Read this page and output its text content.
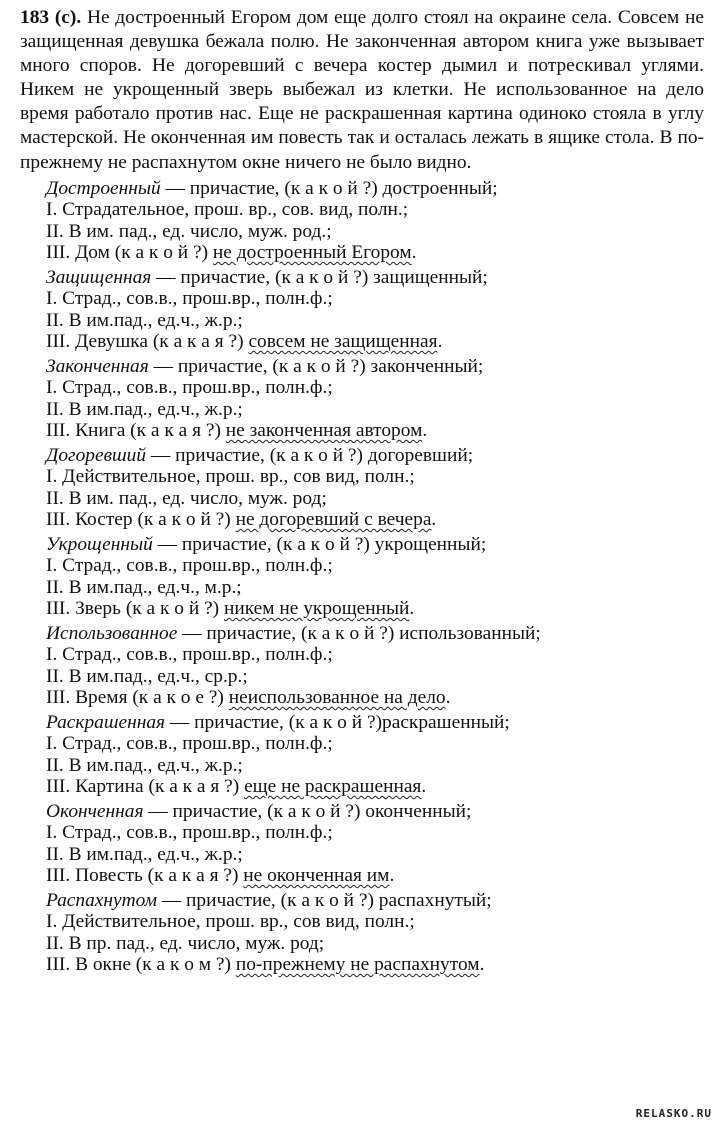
183 (с). Не достроенный Егором дом еще долго стоял на окраине села. Совсем не защищенная девушка бежала полю. Не законченная автором книга уже вызывает много споров. Не догоревший с вечера костер дымил и потрескивал углями. Никем не укрощенный зверь выбежал из клетки. Не использованное на дело время работало против нас. Еще не раскрашенная картина одиноко стояла в углу мастерской. Не оконченная им повесть так и осталась лежать в ящике стола. В по-прежнему не распахнутом окне ничего не было видно.

Достроенный — причастие, (к а к о й ?) достроенный;
I. Страдательное, прош. вр., сов. вид, полн.;
II. В им. пад., ед. число, муж. род.;
III. Дом (к а к о й ?) не достроенный Егором.
Защищенная — причастие, (к а к о й ?) защищенный;
I. Страд., сов.в., прош.вр., полн.ф.;
II. В им.пад., ед.ч., ж.р.;
III. Девушка (к а к а я ?) совсем не защищенная.
Законченная — причастие, (к а к о й ?) законченный;
I. Страд., сов.в., прош.вр., полн.ф.;
II. В им.пад., ед.ч., ж.р.;
III. Книга (к а к а я ?) не законченная автором.
Догоревший — причастие, (к а к о й ?) догоревший;
I. Действительное, прош. вр., сов вид, полн.;
II. В им. пад., ед. число, муж. род;
III. Костер (к а к о й ?) не догоревший с вечера.
Укрощенный — причастие, (к а к о й ?) укрощенный;
I. Страд., сов.в., прош.вр., полн.ф.;
II. В им.пад., ед.ч., м.р.;
III. Зверь (к а к о й ?) никем не укрощенный.
Использованное — причастие, (к а к о й ?) использованный;
I. Страд., сов.в., прош.вр., полн.ф.;
II. В им.пад., ед.ч., ср.р.;
III. Время (к а к о е ?) неиспользованное на дело.
Раскрашенная — причастие, (к а к о й ?)раскрашенный;
I. Страд., сов.в., прош.вр., полн.ф.;
II. В им.пад., ед.ч., ж.р.;
III. Картина (к а к а я ?) еще не раскрашенная.
Оконченная — причастие, (к а к о й ?) оконченный;
I. Страд., сов.в., прош.вр., полн.ф.;
II. В им.пад., ед.ч., ж.р.;
III. Повесть (к а к а я ?) не оконченная им.
Распахнутом — причастие, (к а к о й ?) распахнутый;
I. Действительное, прош. вр., сов вид, полн.;
II. В пр. пад., ед. число, муж. род;
III. В окне (к а к о м ?) по-прежнему не распахнутом.
RELASKO.RU
